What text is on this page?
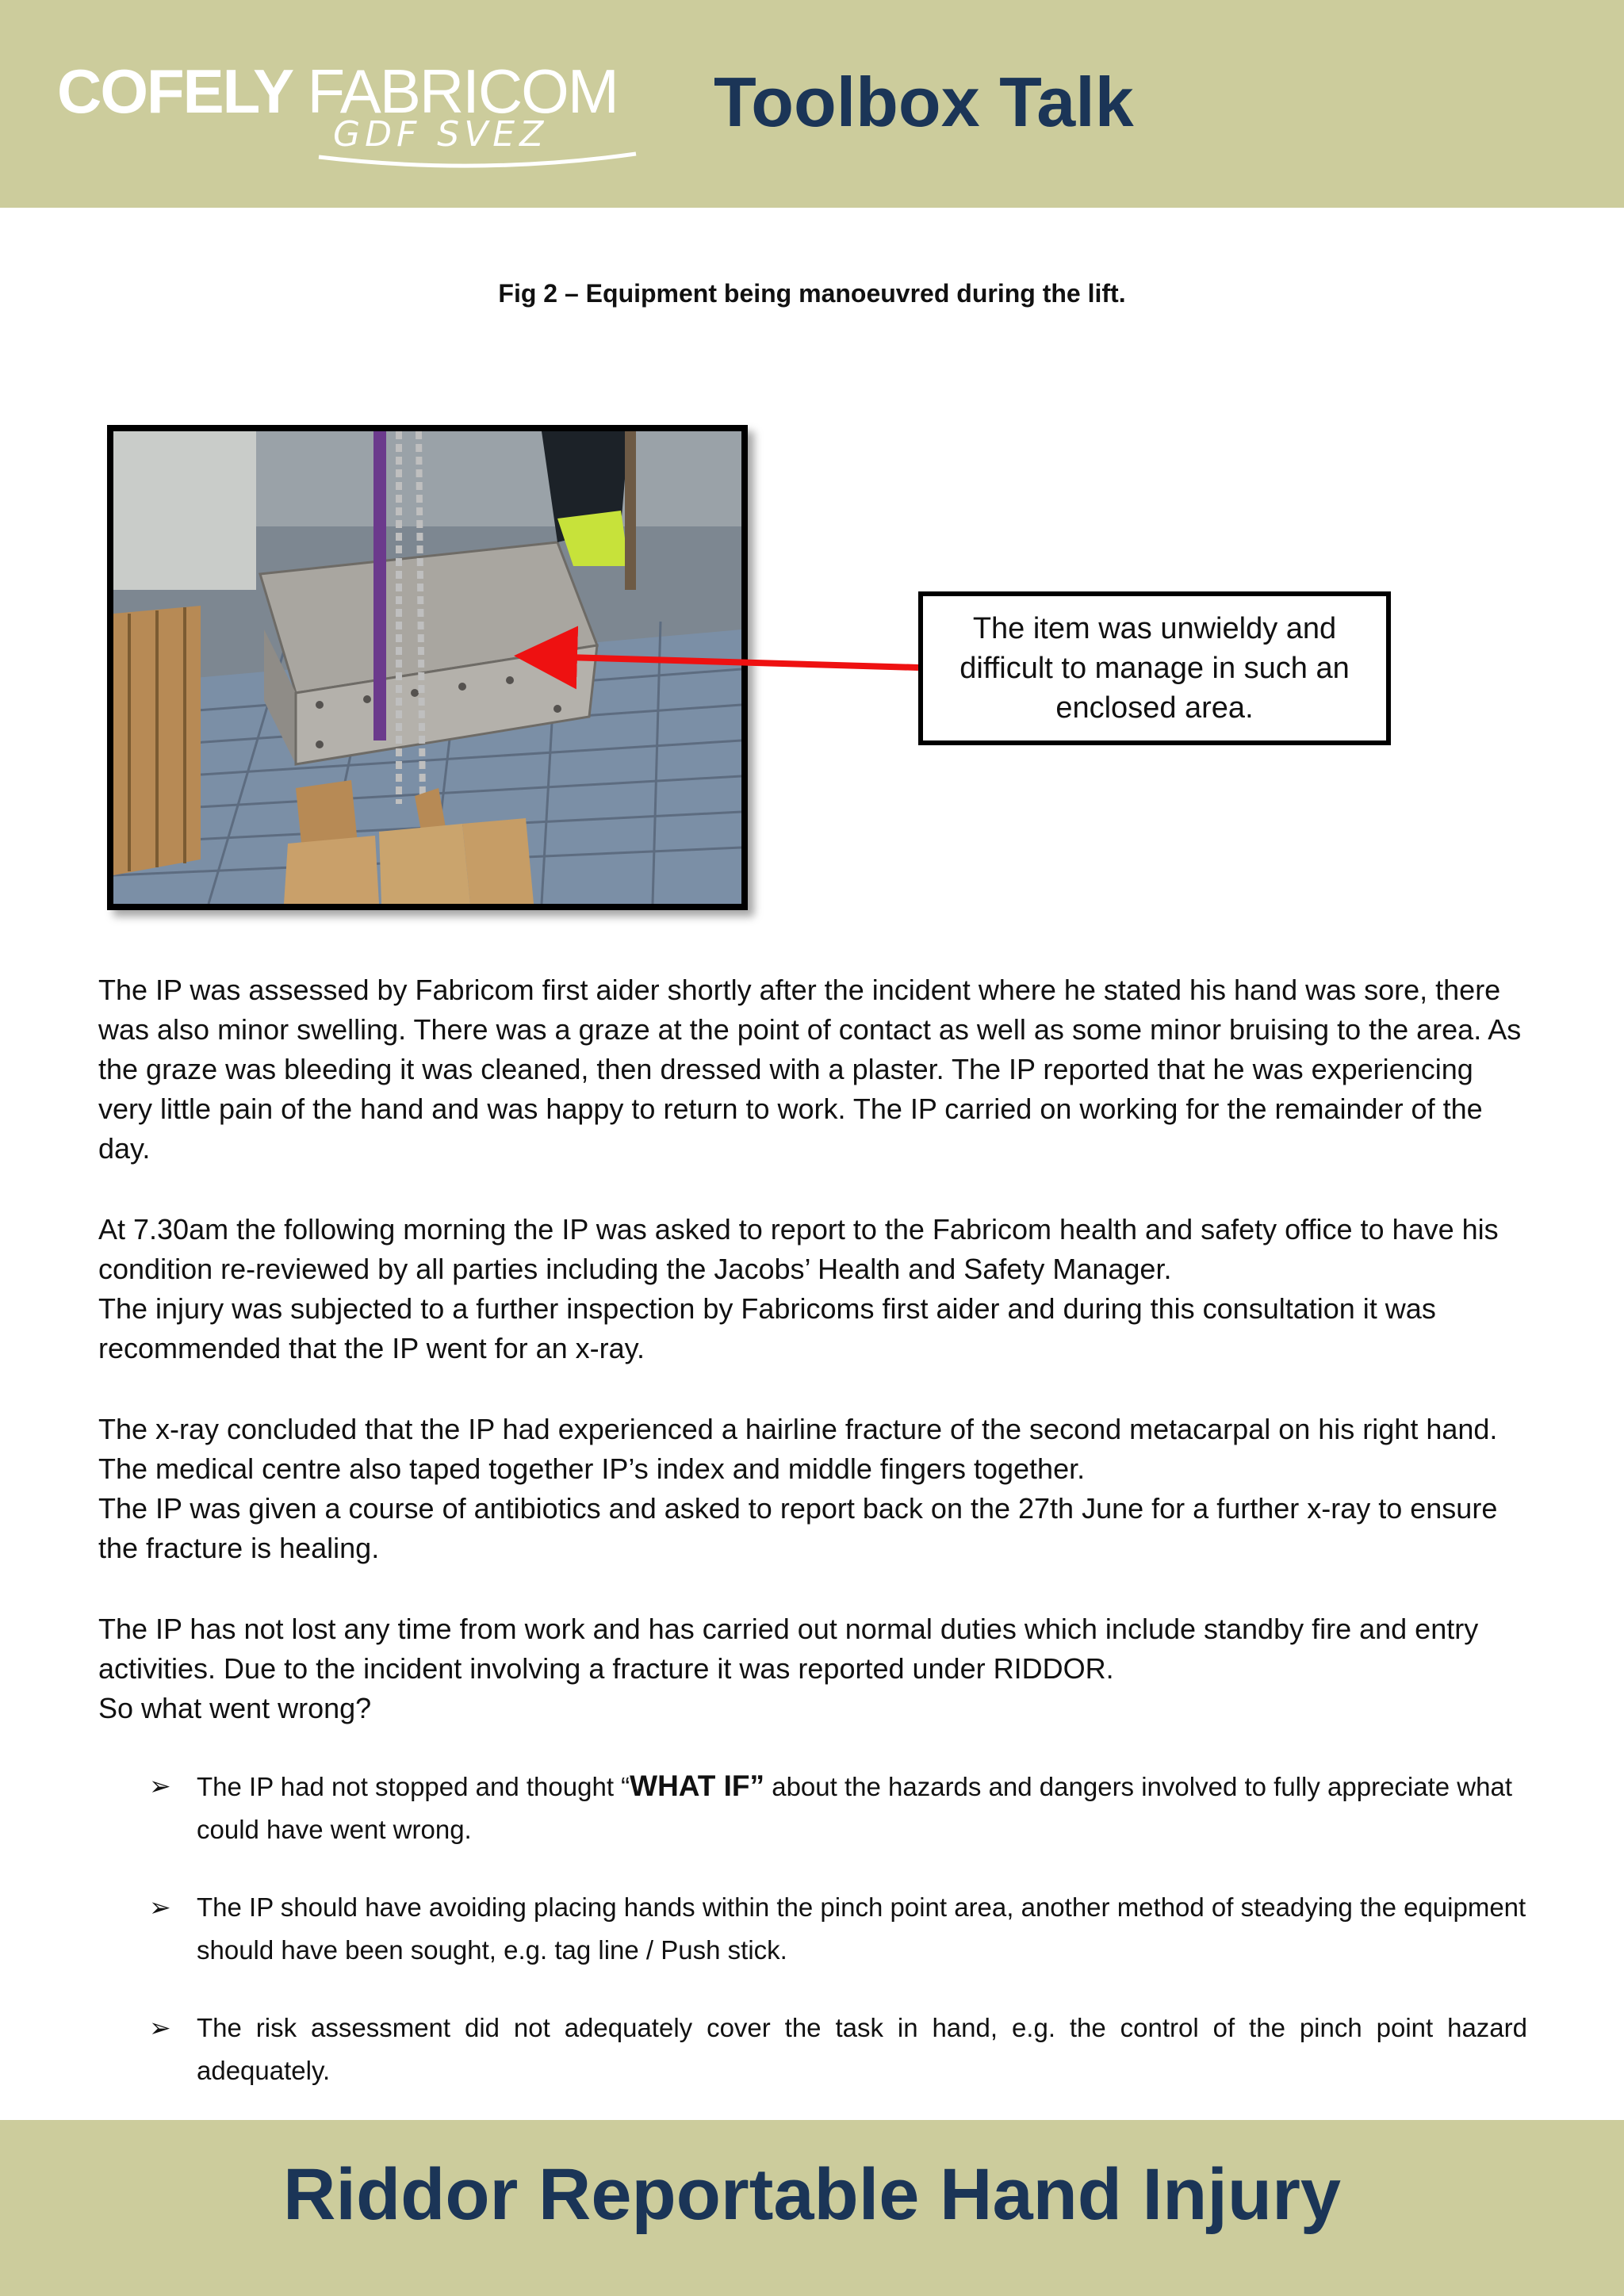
COFELY FABRICOM
GDF SVEZ Toolbox Talk
Fig 2 – Equipment being manoeuvred during the lift.
The item was unwieldy and difficult to manage in such an enclosed area.

The IP was assessed by Fabricom first aider shortly after the incident where he stated his hand was sore, there was also minor swelling. There was a graze at the point of contact as well as some minor bruising to the area. As the graze was bleeding it was cleaned, then dressed with a plaster. The IP reported that he was experiencing very little pain of the hand and was happy to return to work. The IP carried on working for the remainder of the day.

At 7.30am the following morning the IP was asked to report to the Fabricom health and safety office to have his condition re-reviewed by all parties including the Jacobs’ Health and Safety Manager.

The injury was subjected to a further inspection by Fabricoms first aider and during this consultation it was recommended that the IP went for an x-ray.

The x-ray concluded that the IP had experienced a hairline fracture of the second metacarpal on his right hand. The medical centre also taped together IP’s index and middle fingers together.

The IP was given a course of antibiotics and asked to report back on the 27th June for a further x-ray to ensure the fracture is healing.

The IP has not lost any time from work and has carried out normal duties which include standby fire and entry activities. Due to the incident involving a fracture it was reported under RIDDOR.

So what went wrong?

➢ The IP had not stopped and thought “WHAT IF” about the hazards and dangers involved to fully appreciate what could have went wrong.
➢ The IP should have avoiding placing hands within the pinch point area, another method of steadying the equipment should have been sought, e.g. tag line / Push stick.
➢ The risk assessment did not adequately cover the task in hand, e.g. the control of the pinch point hazard adequately.
Riddor Reportable Hand Injury
